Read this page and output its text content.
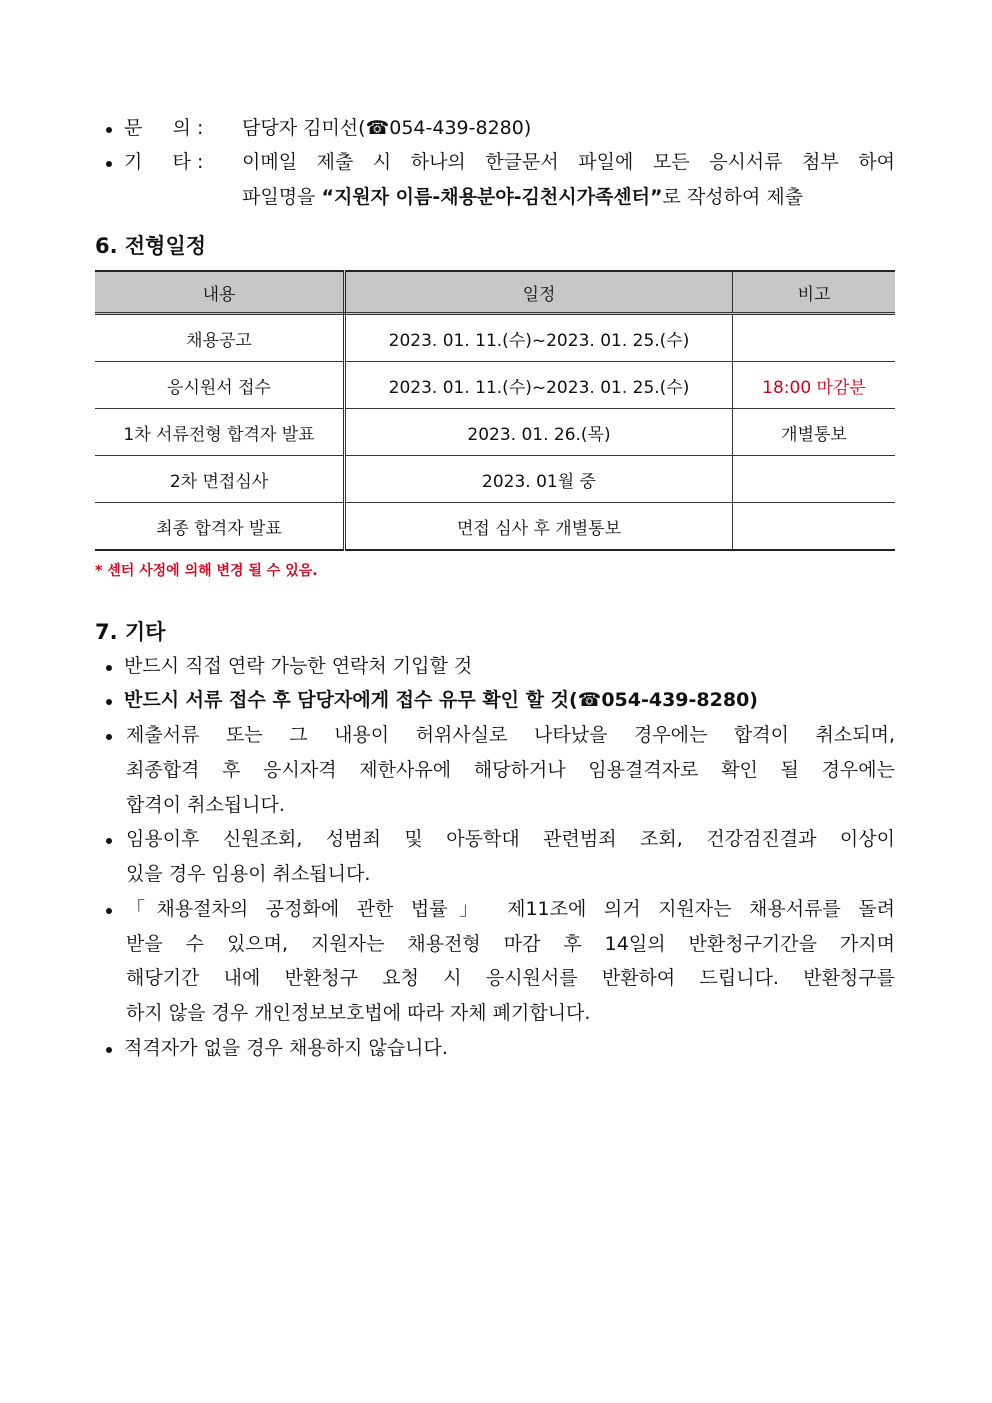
문     의 : 담당자 김미선(☎054-439-8280)
기     타 : 이메일 제출 시 하나의 한글문서 파일에 모든 응시서류 첨부 하여
파일명을 “지원자 이름-채용분야-김천시가족센터”로 작성하여 제출
6. 전형일정
내용	일정	비고
채용공고	2023. 01. 11.(수)~2023. 01. 25.(수)	
응시원서 접수	2023. 01. 11.(수)~2023. 01. 25.(수)	18:00 마감분
1차 서류전형 합격자 발표	2023. 01. 26.(목)	개별통보
2차 면접심사	2023. 01월 중	
최종 합격자 발표	면접 심사 후 개별통보	
* 센터 사정에 의해 변경 될 수 있음.
7. 기타
반드시 직접 연락 가능한 연락처 기입할 것
반드시 서류 접수 후 담당자에게 접수 유무 확인 할 것(☎054-439-8280)
제출서류 또는 그 내용이 허위사실로 나타났을 경우에는 합격이 취소되며,
최종합격 후 응시자격 제한사유에 해당하거나 임용결격자로 확인 될 경우에는
합격이 취소됩니다.
임용이후 신원조회, 성범죄 및 아동학대 관련범죄 조회, 건강검진결과 이상이
있을 경우 임용이 취소됩니다.
「채용절차의 공정화에 관한 법률」 제11조에 의거 지원자는 채용서류를 돌려
받을 수 있으며, 지원자는 채용전형 마감 후 14일의 반환청구기간을 가지며
해당기간 내에 반환청구 요청 시 응시원서를 반환하여 드립니다. 반환청구를
하지 않을 경우 개인정보보호법에 따라 자체 폐기합니다.
적격자가 없을 경우 채용하지 않습니다.
